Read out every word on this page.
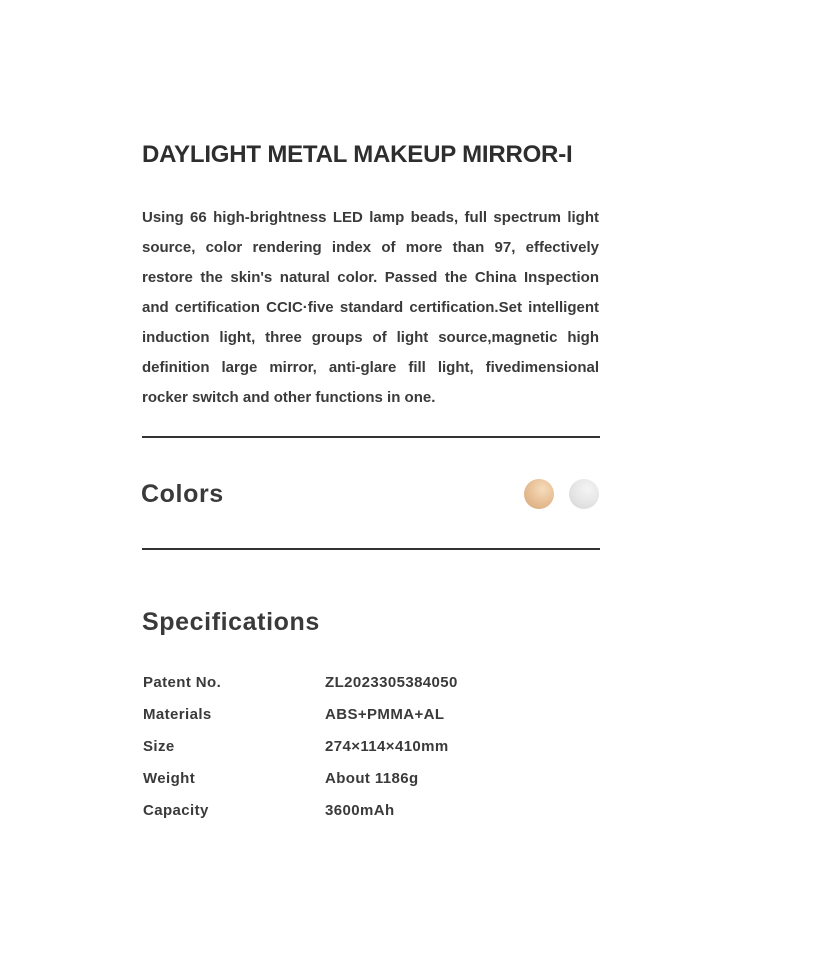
DAYLIGHT METAL MAKEUP MIRROR-I

Using 66 high-brightness LED lamp beads, full spectrum light source, color rendering index of more than 97, effectively restore the skin's natural color. Passed the China Inspection and certification CCIC·five standard certification.Set intelligent induction light, three groups of light source,magnetic high definition large mirror, anti-glare fill light, fivedimensional rocker switch and other functions in one.

Colors
Specifications
Patent No.	ZL2023305384050
Materials	ABS+PMMA+AL
Size	274×114×410mm
Weight	About 1186g
Capacity	3600mAh
